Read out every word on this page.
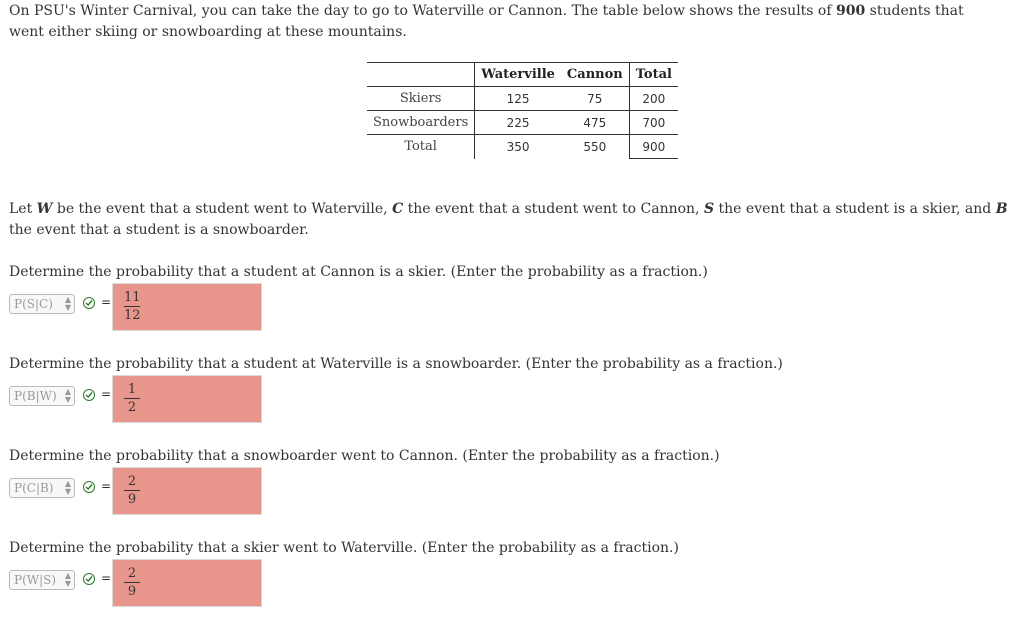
On PSU's Winter Carnival, you can take the day to go to Waterville or Cannon. The table below shows the results of 900 students that went either skiing or snowboarding at these mountains.
	Waterville	Cannon	Total
Skiers	125	75	200
Snowboarders	225	475	700
Total	350	550	900
Let W be the event that a student went to Waterville, C the event that a student went to Cannon, S the event that a student is a skier, and B the event that a student is a snowboarder.
Determine the probability that a student at Cannon is a skier. (Enter the probability as a fraction.)
P(S|C) ▲
▼	= 11
12
Determine the probability that a student at Waterville is a snowboarder. (Enter the probability as a fraction.)
P(B|W) ▲
▼	= 1
2
Determine the probability that a snowboarder went to Cannon. (Enter the probability as a fraction.)
P(C|B) ▲
▼	= 2
9
Determine the probability that a skier went to Waterville. (Enter the probability as a fraction.)
P(W|S) ▲
▼	= 2
9
